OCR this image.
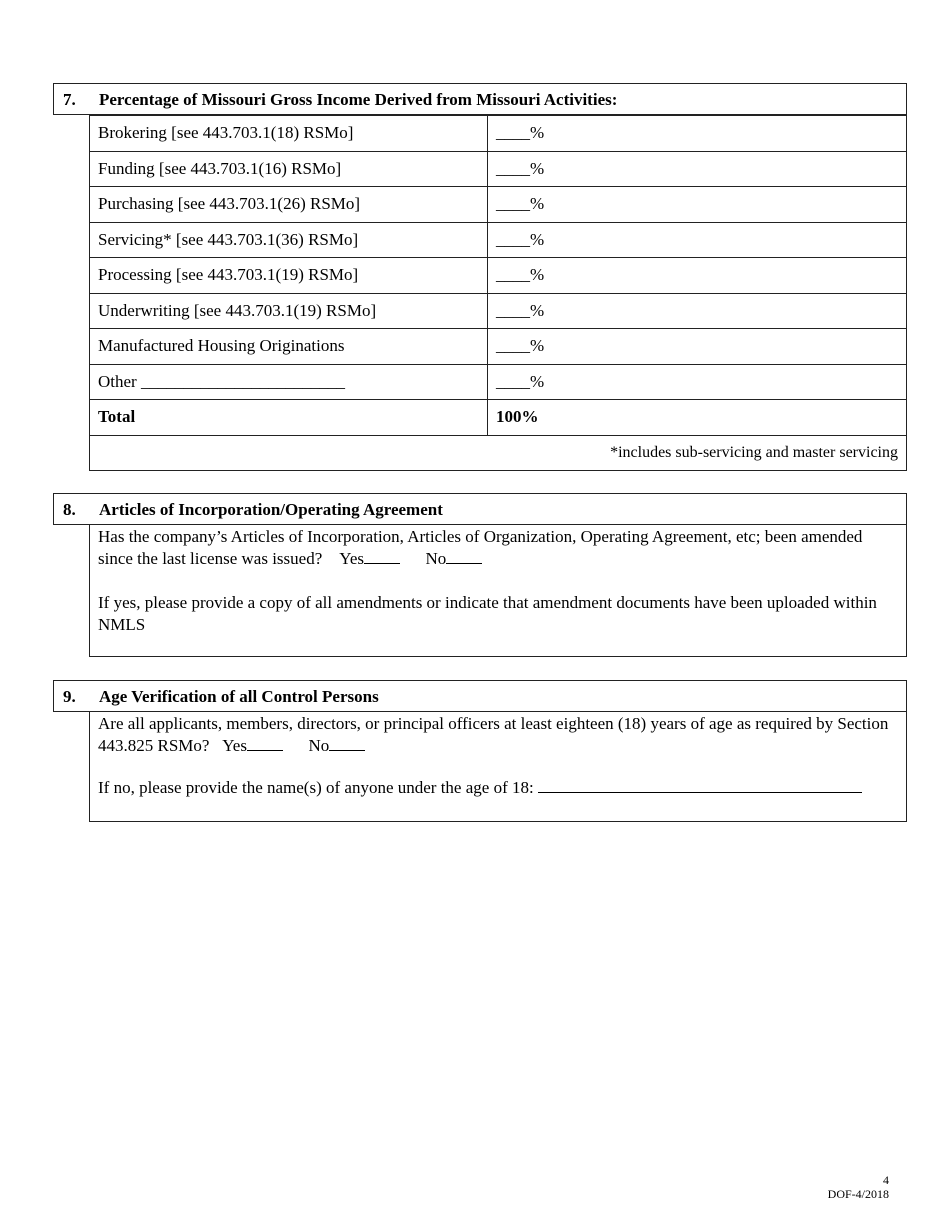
7. Percentage of Missouri Gross Income Derived from Missouri Activities:
Brokering [see 443.703.1(18) RSMo]	____%
Funding [see 443.703.1(16) RSMo]	____%
Purchasing [see 443.703.1(26) RSMo]	____%
Servicing* [see 443.703.1(36) RSMo]	____%
Processing [see 443.703.1(19) RSMo]	____%
Underwriting [see 443.703.1(19) RSMo]	____%
Manufactured Housing Originations	____%
Other ________________________	____%
Total	100%
*includes sub-servicing and master servicing	
8. Articles of Incorporation/Operating Agreement
Has the company’s Articles of Incorporation, Articles of Organization, Operating Agreement, etc; been amended since the last license was issued? Yes	No
If yes, please provide a copy of all amendments or indicate that amendment documents have been uploaded within NMLS
9. Age Verification of all Control Persons
Are all applicants, members, directors, or principal officers at least eighteen (18) years of age as required by Section 443.825 RSMo? Yes	No
If no, please provide the name(s) of anyone under the age of 18:
4
DOF-4/2018
